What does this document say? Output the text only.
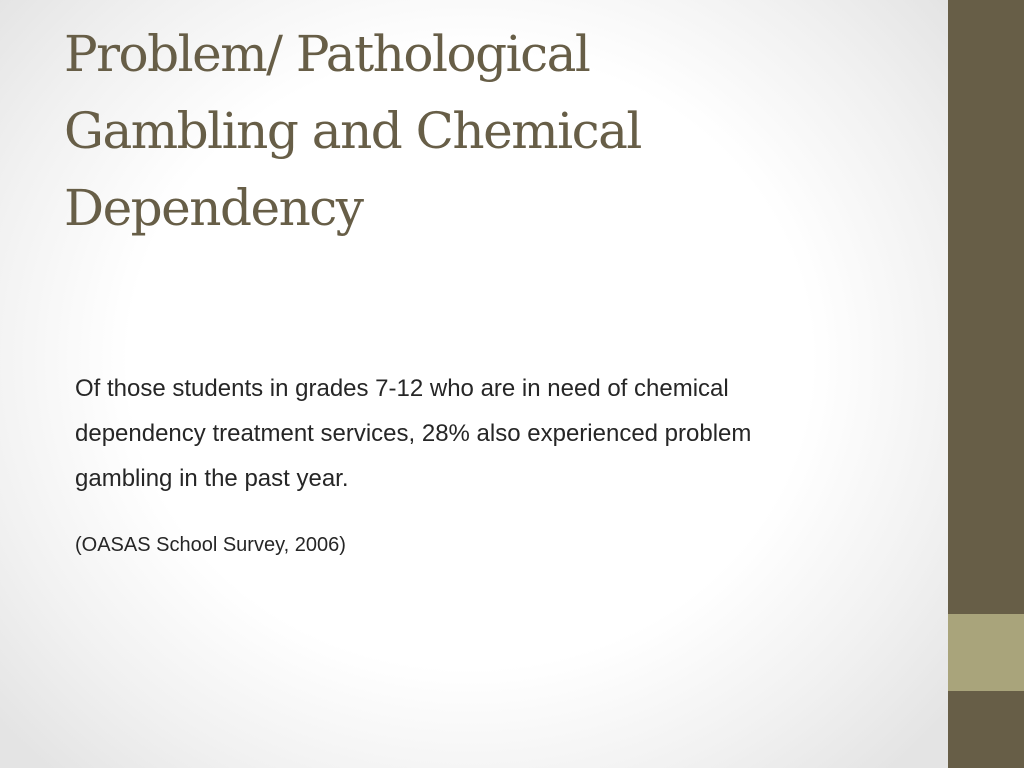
Problem/ Pathological
Gambling and Chemical
Dependency

Of those students in grades 7-12 who are in need of chemical
dependency treatment services, 28% also experienced problem
gambling in the past year.

(OASAS School Survey, 2006)
